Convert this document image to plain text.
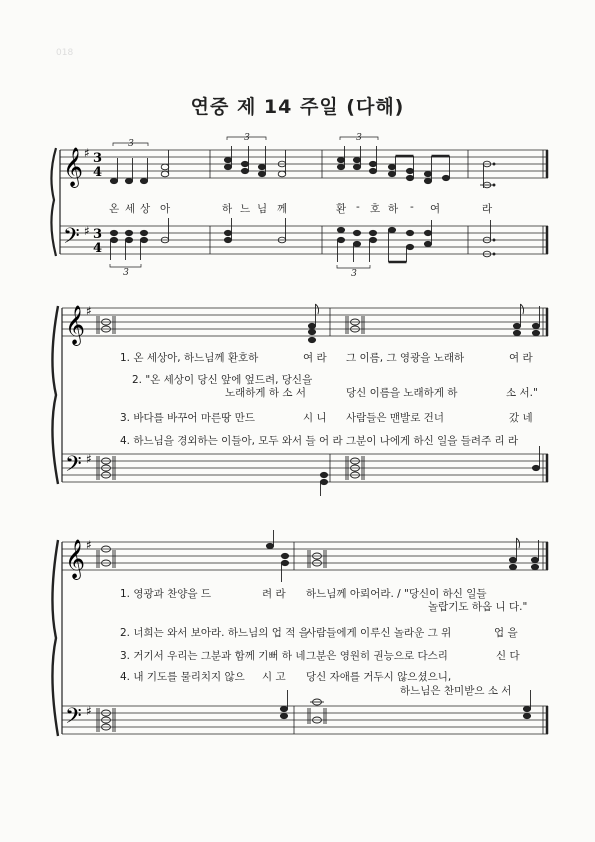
018
연중 제 14 주일 (다해)
𝄞
𝄢
♯
♯
3
4
3
4
3
3	3
3	3
온 세 상 아	하 느 님 께	환 - 호 하 - 여	라
𝄞 ♯
𝄢 ♯
1. 온 세상아, 하느님께 환호하	여 라 그 이름, 그 영광을 노래하	여 라
2. "온 세상이 당신 앞에 엎드려, 당신을
노래하게 하 소 서	당신 이름을 노래하게 하	소 서."
3. 바다를 바꾸어 마른땅 만드	시 니 사람들은 맨발로 건너	갔 네
4. 하느님을 경외하는 이들아, 모두 와서 들 어 라 그분이 나에게 하신 일을 들려주 리 라
𝄞 ♯
𝄢 ♯
1. 영광과 찬양을 드	려 라 하느님께 아뢰어라. / "당신이 하신 일들
놀랍기도 하옵 니 다."
2. 너희는 와서 보아라. 하느님의 업 적 을
사람들에게 이루신 놀라운 그 위	업 을
3. 거기서 우리는 그분과 함께 기뻐 하 네 그분은 영원히 권능으로 다스리	신 다
4. 내 기도를 물리치지 않으 시 고 당신 자애를 거두시 않으셨으니,
하느님은 찬미받으 소 서
